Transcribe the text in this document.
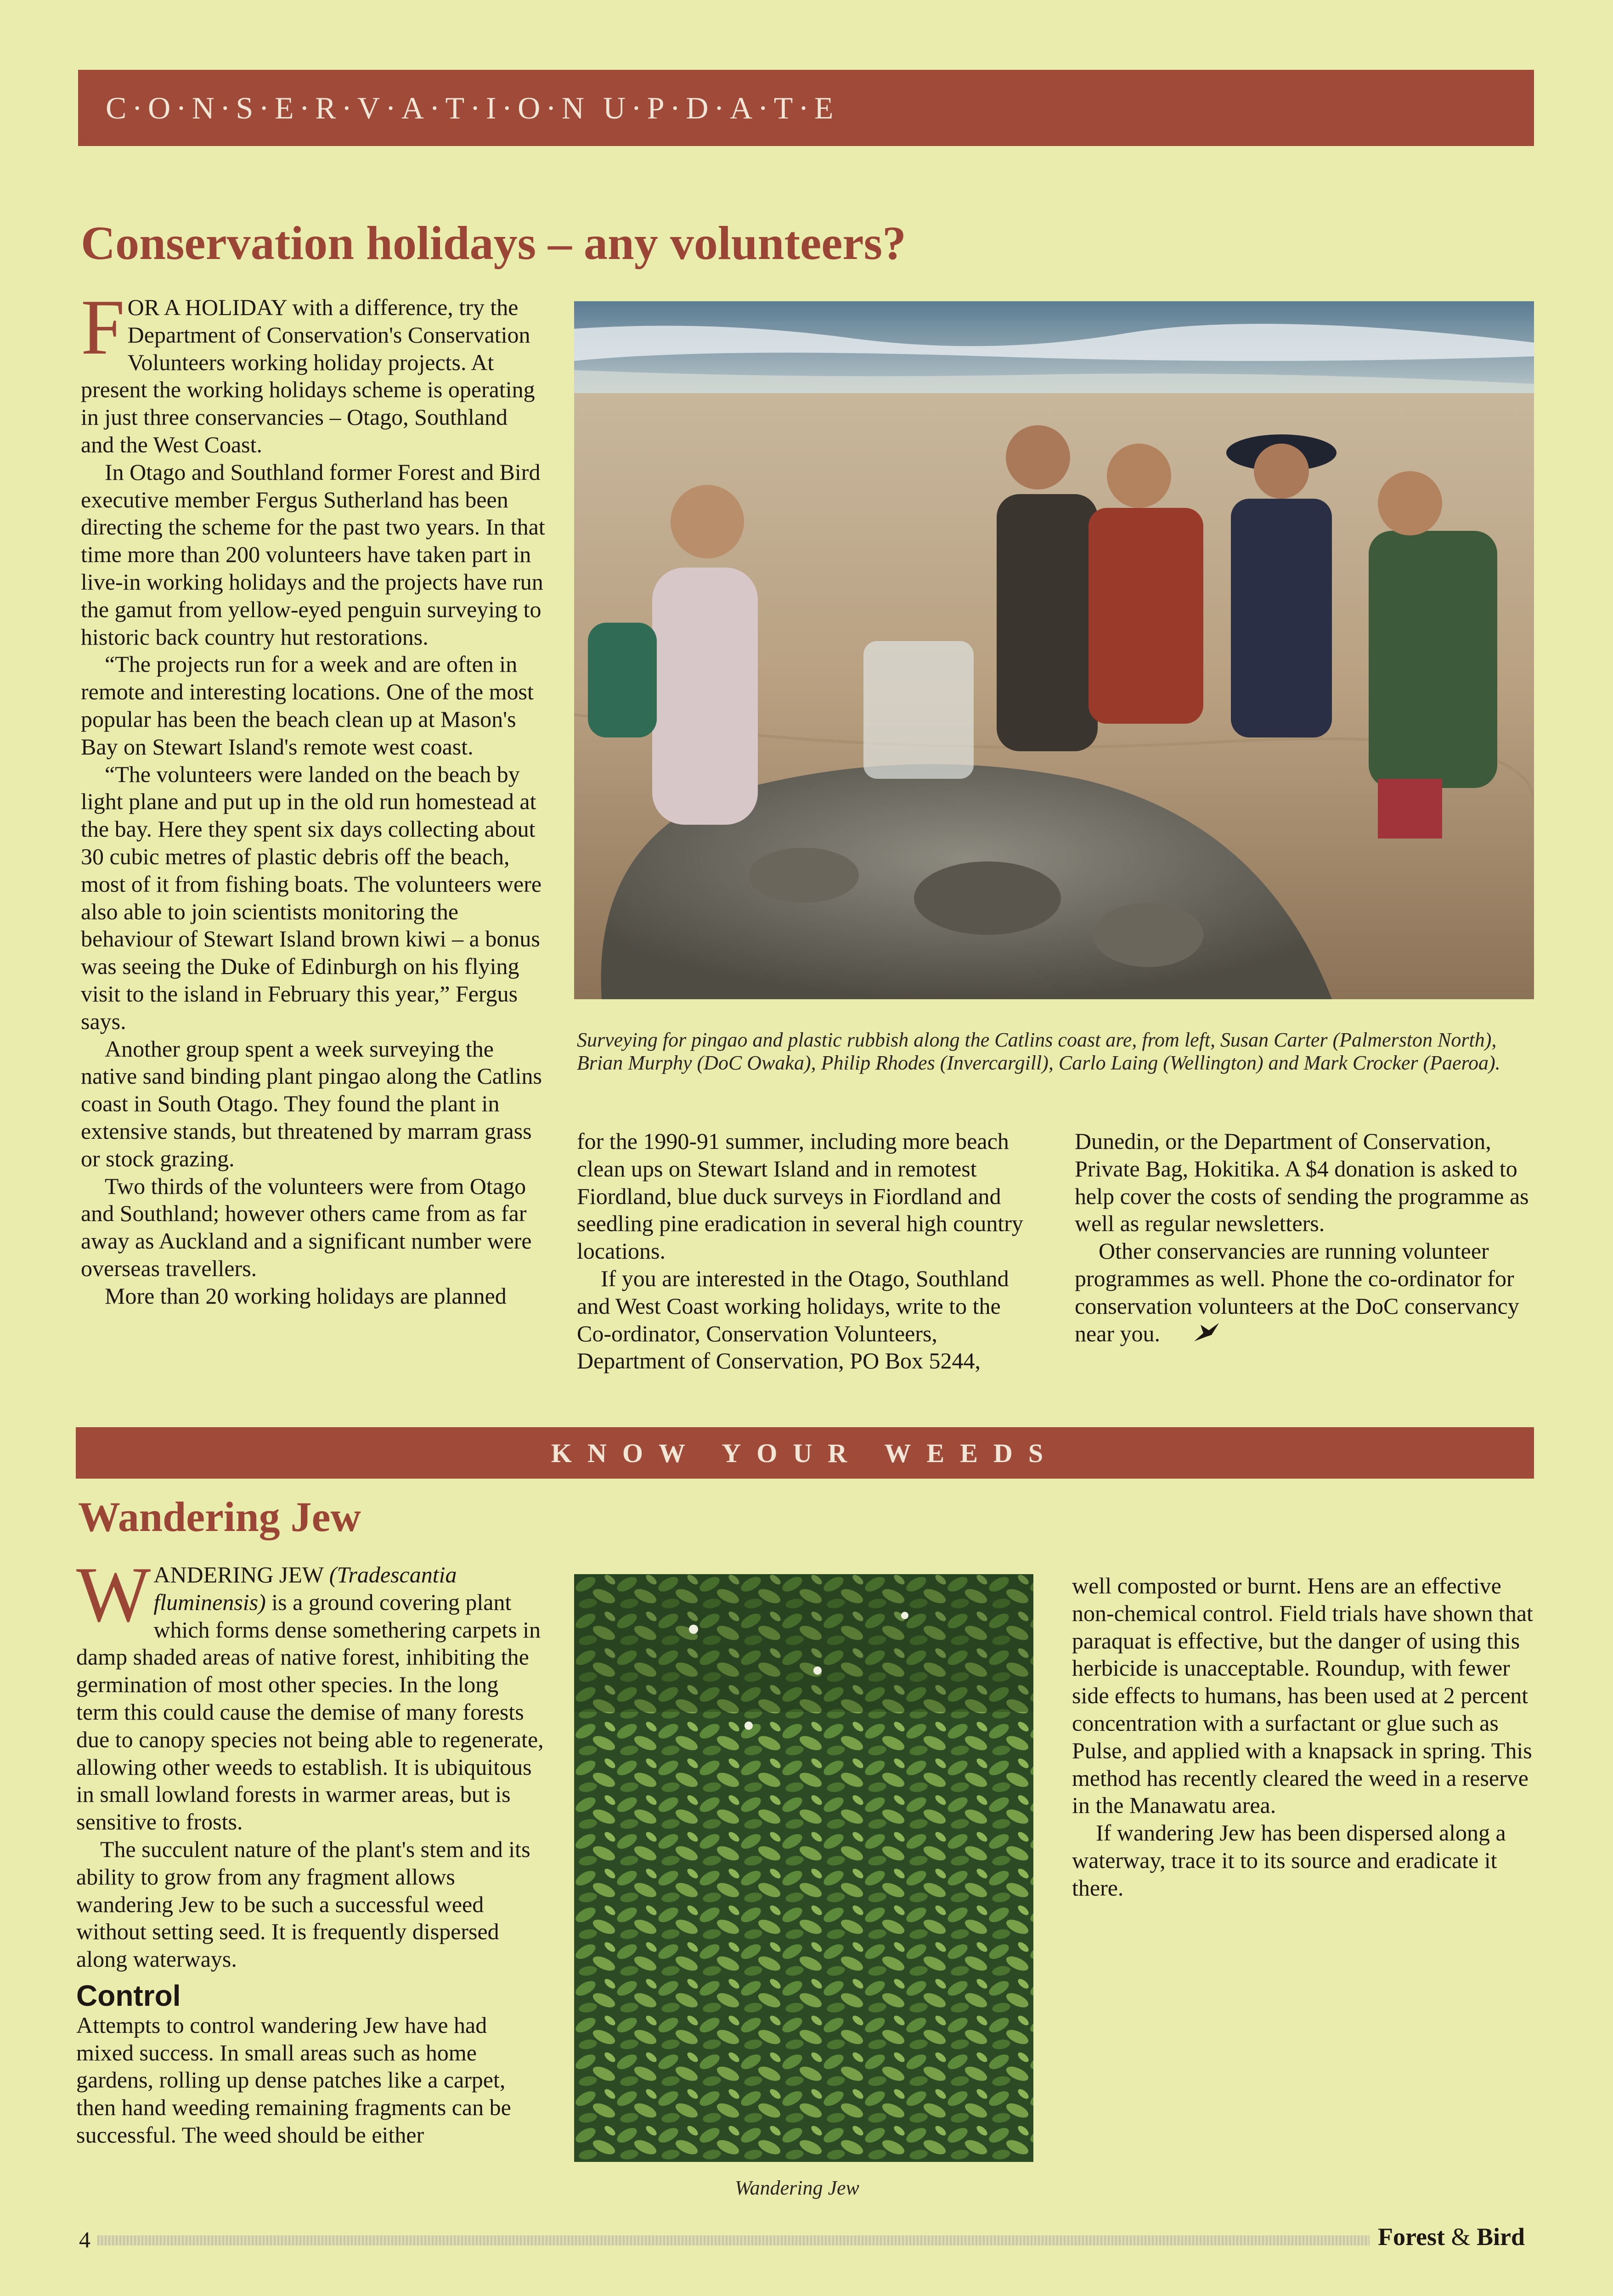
C·O·N·S·E·R·V·A·T·I·O·N U·P·D·A·T·E
Conservation holidays – any volunteers?

FOR A HOLIDAY with a difference, try the Department of Conservation's Conservation Volunteers working holiday projects. At present the working holidays scheme is operating in just three conservancies – Otago, Southland and the West Coast.

In Otago and Southland former Forest and Bird executive member Fergus Sutherland has been directing the scheme for the past two years. In that time more than 200 volunteers have taken part in live-in working holidays and the projects have run the gamut from yellow-eyed penguin surveying to historic back country hut restorations.

“The projects run for a week and are often in remote and interesting locations. One of the most popular has been the beach clean up at Mason's Bay on Stewart Island's remote west coast.

“The volunteers were landed on the beach by light plane and put up in the old run homestead at the bay. Here they spent six days collecting about 30 cubic metres of plastic debris off the beach, most of it from fishing boats. The volunteers were also able to join scientists monitoring the behaviour of Stewart Island brown kiwi – a bonus was seeing the Duke of Edinburgh on his flying visit to the island in February this year,” Fergus says.

Another group spent a week surveying the native sand binding plant pingao along the Catlins coast in South Otago. They found the plant in extensive stands, but threatened by marram grass or stock grazing.

Two thirds of the volunteers were from Otago and Southland; however others came from as far away as Auckland and a significant number were overseas travellers.

More than 20 working holidays are planned

Surveying for pingao and plastic rubbish along the Catlins coast are, from left, Susan Carter (Palmerston North), Brian Murphy (DoC Owaka), Philip Rhodes (Invercargill), Carlo Laing (Wellington) and Mark Crocker (Paeroa).

for the 1990-91 summer, including more beach clean ups on Stewart Island and in remotest Fiordland, blue duck surveys in Fiordland and seedling pine eradication in several high country locations.

If you are interested in the Otago, Southland and West Coast working holidays, write to the Co-ordinator, Conservation Volunteers, Department of Conservation, PO Box 5244,

Dunedin, or the Department of Conservation, Private Bag, Hokitika. A $4 donation is asked to help cover the costs of sending the programme as well as regular newsletters.

Other conservancies are running volunteer programmes as well. Phone the co-ordinator for conservation volunteers at the DoC conservancy near you.

KNOW YOUR WEEDS
Wandering Jew

WANDERING JEW (Tradescantia fluminensis) is a ground covering plant which forms dense somethering carpets in damp shaded areas of native forest, inhibiting the germination of most other species. In the long term this could cause the demise of many forests due to canopy species not being able to regenerate, allowing other weeds to establish. It is ubiquitous in small lowland forests in warmer areas, but is sensitive to frosts.

The succulent nature of the plant's stem and its ability to grow from any fragment allows wandering Jew to be such a successful weed without setting seed. It is frequently dispersed along waterways.

Control

Attempts to control wandering Jew have had mixed success. In small areas such as home gardens, rolling up dense patches like a carpet, then hand weeding remaining fragments can be successful. The weed should be either

Wandering Jew

well composted or burnt. Hens are an effective non-chemical control. Field trials have shown that paraquat is effective, but the danger of using this herbicide is unacceptable. Roundup, with fewer side effects to humans, has been used at 2 percent concentration with a surfactant or glue such as Pulse, and applied with a knapsack in spring. This method has recently cleared the weed in a reserve in the Manawatu area.

If wandering Jew has been dispersed along a waterway, trace it to its source and eradicate it there.

4	Forest & Bird
